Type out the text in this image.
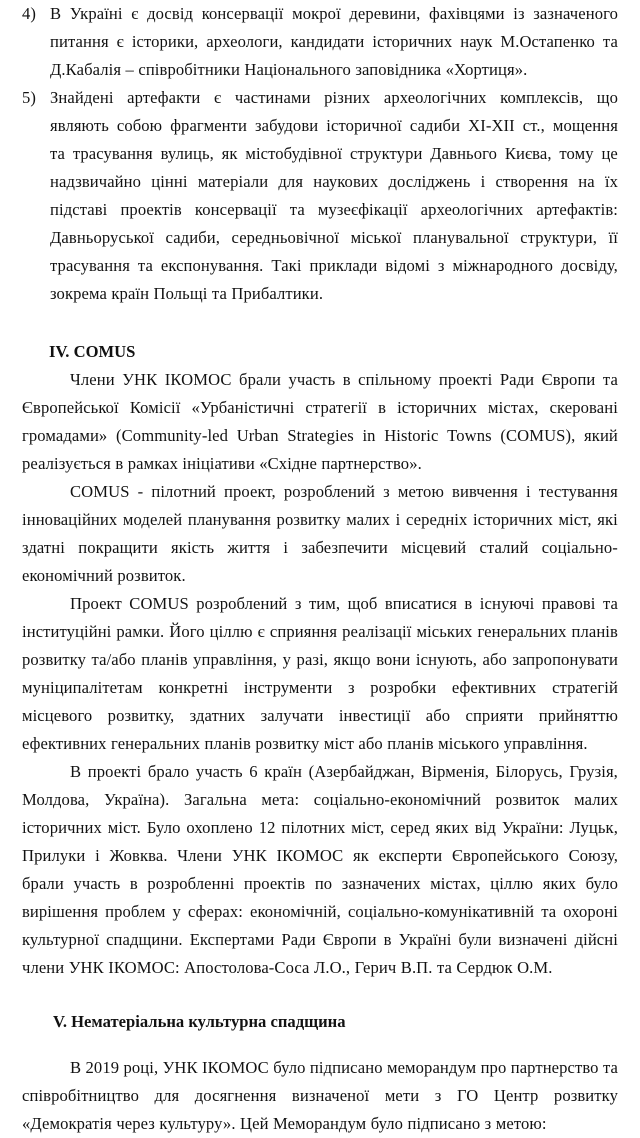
4) В Україні є досвід консервації мокрої деревини, фахівцями із зазначеного
питання є історики, археологи, кандидати історичних наук М.Остапенко та
Д.Кабалія – співробітники Національного заповідника «Хортиця».
5) Знайдені артефакти є частинами різних археологічних комплексів, що
являють собою фрагменти забудови історичної садиби XI-XII ст., мощення
та трасування вулиць, як містобудівної структури Давнього Києва, тому це
надзвичайно цінні матеріали для наукових досліджень і створення на їх
підставі проектів консервації та музеєфікації археологічних артефактів:
Давньоруської садиби, середньовічної міської планувальної структури, її
трасування та експонування. Такі приклади відомі з міжнародного досвіду,
зокрема країн Польщі та Прибалтики.
IV. COMUS
Члени УНК ІКОМОС брали участь в спільному проекті Ради Європи та
Європейської Комісії «Урбаністичні стратегії в історичних містах, скеровані
громадами» (Community-led Urban Strategies in Historic Towns (COMUS), який
реалізується в рамках ініціативи «Східне партнерство».
COMUS - пілотний проект, розроблений з метою вивчення і тестування
інноваційних моделей планування розвитку малих і середніх історичних міст, які
здатні покращити якість життя і забезпечити місцевий сталий соціально-
економічний розвиток.
Проект COMUS розроблений з тим, щоб вписатися в існуючі правові та
інституційні рамки. Його ціллю є сприяння реалізації міських генеральних планів
розвитку та/або планів управління, у разі, якщо вони існують, або запропонувати
муніципалітетам конкретні інструменти з розробки ефективних стратегій
місцевого розвитку, здатних залучати інвестиції або сприяти прийняттю
ефективних генеральних планів розвитку міст або планів міського управління.
В проекті брало участь 6 країн (Азербайджан, Вірменія, Білорусь, Грузія,
Молдова, Україна). Загальна мета: соціально-економічний розвиток малих
історичних міст. Було охоплено 12 пілотних міст, серед яких від України: Луцьк,
Прилуки і Жовква. Члени УНК ІКОМОС як експерти Європейського Союзу,
брали участь в розробленні проектів по зазначених містах, ціллю яких було
вирішення проблем у сферах: економічній, соціально-комунікативній та охороні
культурної спадщини. Експертами Ради Європи в Україні були визначені дійсні
члени УНК ІКОМОС: Апостолова-Соса Л.О., Герич В.П. та Сердюк О.М.
V. Нематеріальна культурна спадщина
В 2019 році, УНК ІКОМОС було підписано меморандум про партнерство та
співробітництво для досягнення визначеної мети з ГО Центр розвитку
«Демократія через культуру». Цей Меморандум було підписано з метою:
